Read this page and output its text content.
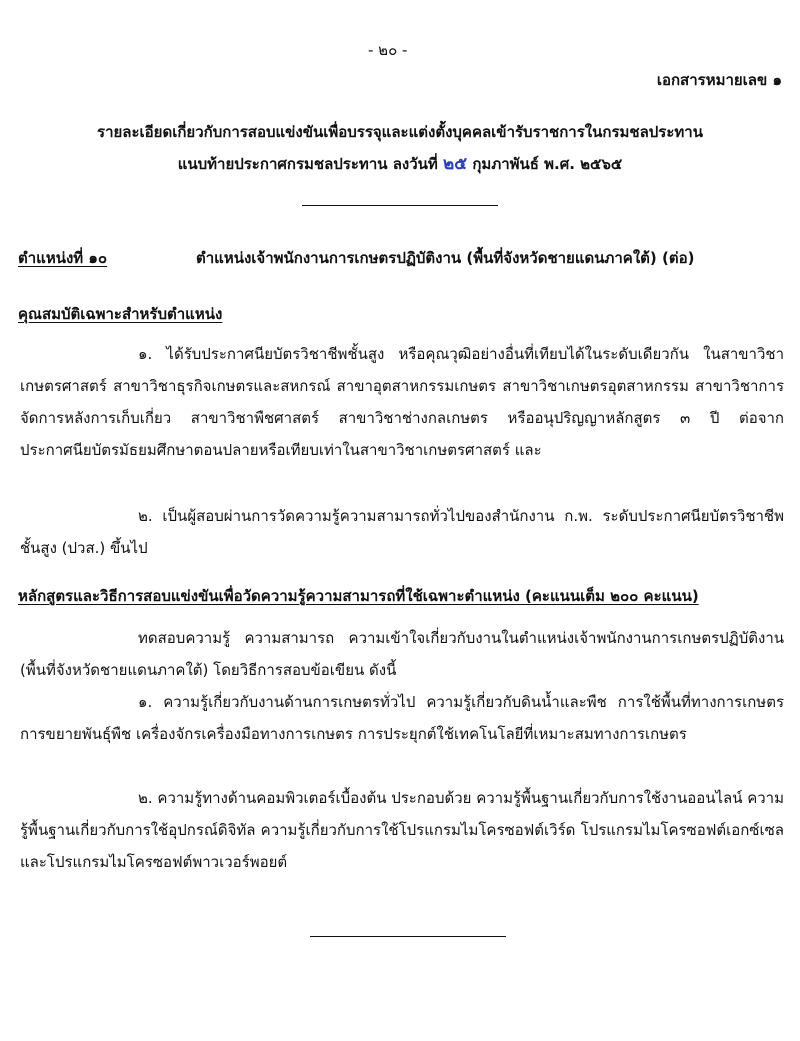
- ๒๐ -
เอกสารหมายเลข ๑
รายละเอียดเกี่ยวกับการสอบแข่งขันเพื่อบรรจุและแต่งตั้งบุคคลเข้ารับราชการในกรมชลประทาน
แนบท้ายประกาศกรมชลประทาน ลงวันที่ ๒๕ กุมภาพันธ์ พ.ศ. ๒๕๖๕
ตำแหน่งที่ ๑๐	ตำแหน่งเจ้าพนักงานการเกษตรปฏิบัติงาน (พื้นที่จังหวัดชายแดนภาคใต้) (ต่อ)
คุณสมบัติเฉพาะสำหรับตำแหน่ง

๑. ได้รับประกาศนียบัตรวิชาชีพชั้นสูง หรือคุณวุฒิอย่างอื่นที่เทียบได้ในระดับเดียวกัน ในสาขาวิชาเกษตรศาสตร์ สาขาวิชาธุรกิจเกษตรและสหกรณ์ สาขาอุตสาหกรรมเกษตร สาขาวิชาเกษตรอุตสาหกรรม สาขาวิชาการจัดการหลังการเก็บเกี่ยว สาขาวิชาพืชศาสตร์ สาขาวิชาช่างกลเกษตร หรืออนุปริญญาหลักสูตร ๓ ปี ต่อจากประกาศนียบัตรมัธยมศึกษาตอนปลายหรือเทียบเท่าในสาขาวิชาเกษตรศาสตร์ และ

๒. เป็นผู้สอบผ่านการวัดความรู้ความสามารถทั่วไปของสำนักงาน ก.พ. ระดับประกาศนียบัตรวิชาชีพชั้นสูง (ปวส.) ขึ้นไป

หลักสูตรและวิธีการสอบแข่งขันเพื่อวัดความรู้ความสามารถที่ใช้เฉพาะตำแหน่ง (คะแนนเต็ม ๒๐๐ คะแนน)

ทดสอบความรู้ ความสามารถ ความเข้าใจเกี่ยวกับงานในตำแหน่งเจ้าพนักงานการเกษตรปฏิบัติงาน (พื้นที่จังหวัดชายแดนภาคใต้) โดยวิธีการสอบข้อเขียน ดังนี้

๑. ความรู้เกี่ยวกับงานด้านการเกษตรทั่วไป ความรู้เกี่ยวกับดินน้ำและพืช การใช้พื้นที่ทางการเกษตร การขยายพันธุ์พืช เครื่องจักรเครื่องมือทางการเกษตร การประยุกต์ใช้เทคโนโลยีที่เหมาะสมทางการเกษตร

๒. ความรู้ทางด้านคอมพิวเตอร์เบื้องต้น ประกอบด้วย ความรู้พื้นฐานเกี่ยวกับการใช้งานออนไลน์ ความรู้พื้นฐานเกี่ยวกับการใช้อุปกรณ์ดิจิทัล ความรู้เกี่ยวกับการใช้โปรแกรมไมโครซอฟต์เวิร์ด โปรแกรมไมโครซอฟต์เอกซ์เซล และโปรแกรมไมโครซอฟต์พาวเวอร์พอยต์
